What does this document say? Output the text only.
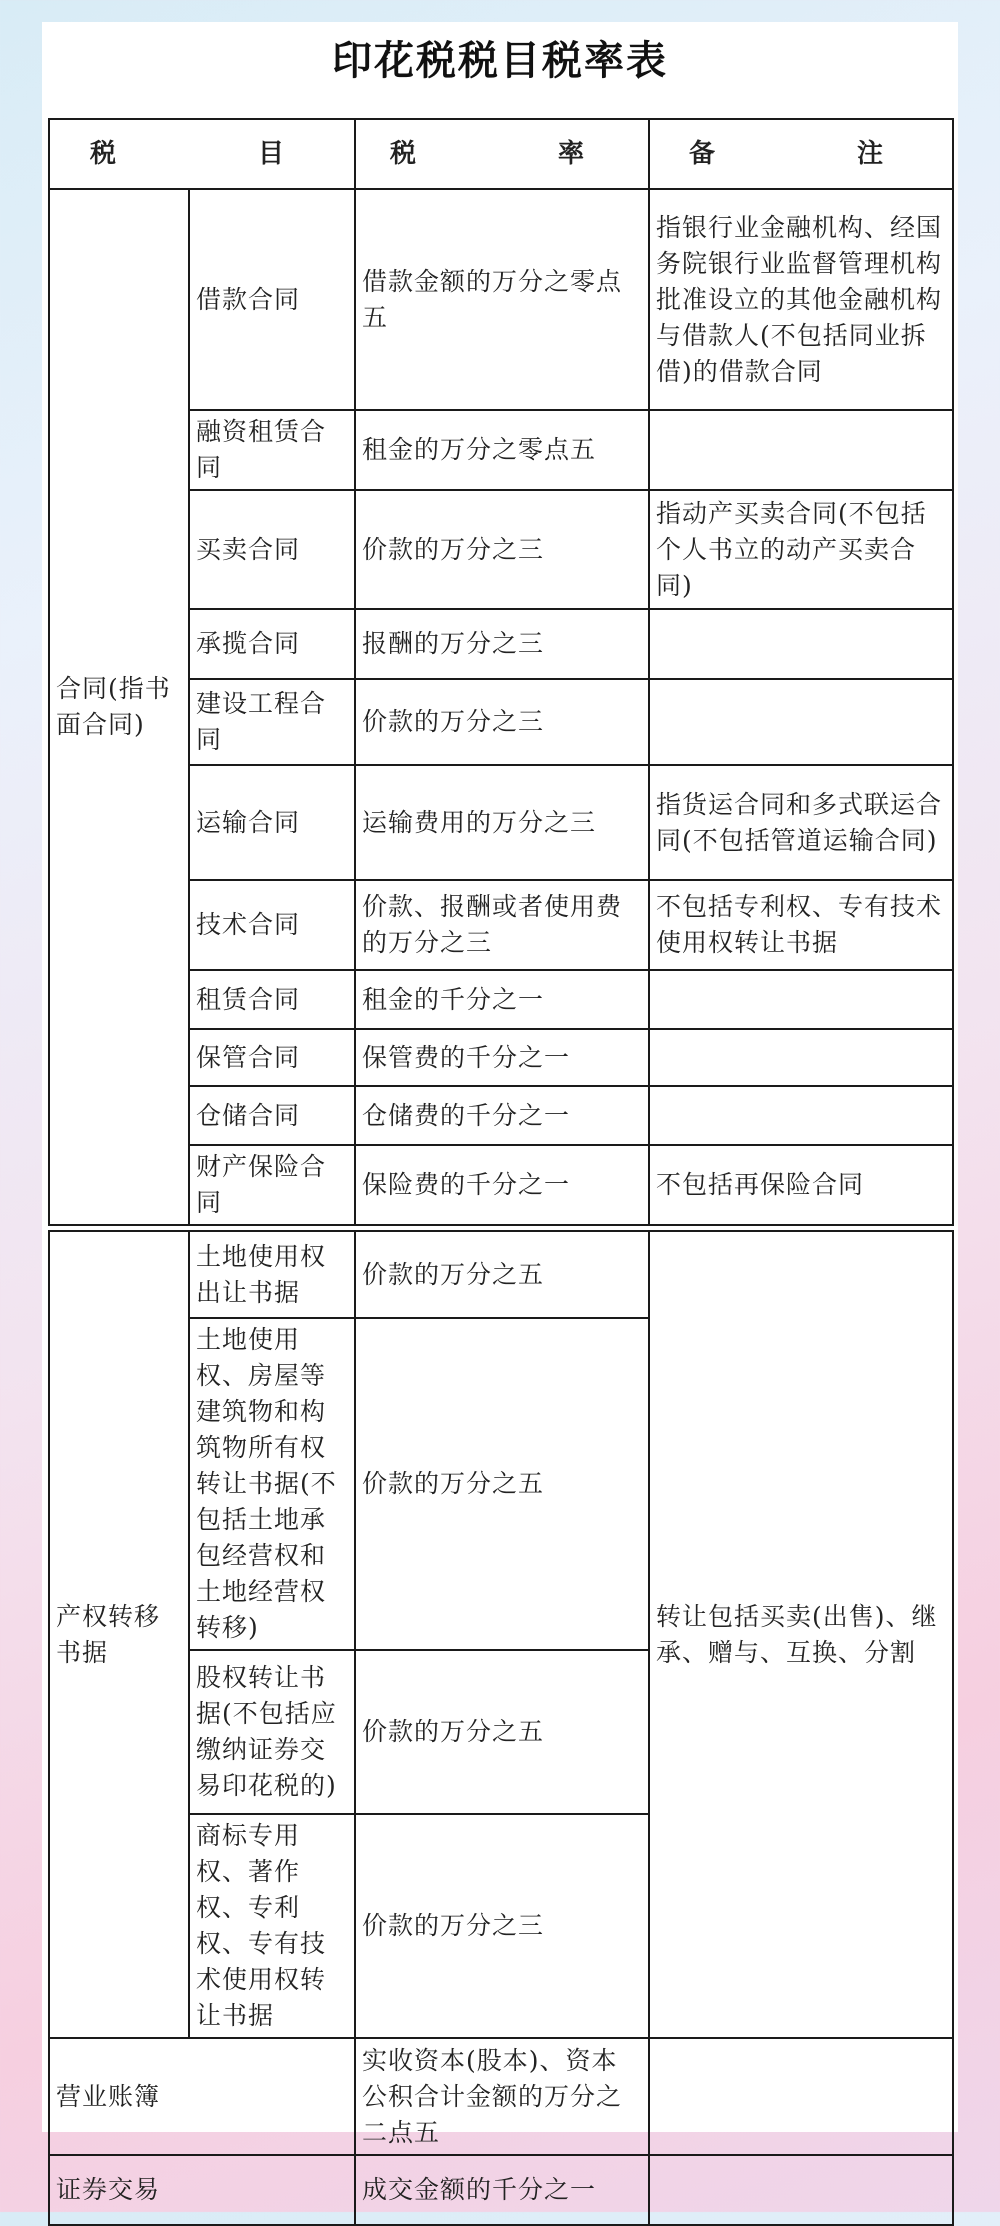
印花税税目税率表
税　　目		税　　率	备　　注
合同(指书面合同)	借款合同	借款金额的万分之零点五	指银行业金融机构、经国务院银行业监督管理机构批准设立的其他金融机构与借款人(不包括同业拆借)的借款合同
	融资租赁合同	租金的万分之零点五	
	买卖合同	价款的万分之三	指动产买卖合同(不包括个人书立的动产买卖合同)
	承揽合同	报酬的万分之三	
	建设工程合同	价款的万分之三	
	运输合同	运输费用的万分之三	指货运合同和多式联运合同(不包括管道运输合同)
	技术合同	价款、报酬或者使用费的万分之三	不包括专利权、专有技术使用权转让书据
	租赁合同	租金的千分之一	
	保管合同	保管费的千分之一	
	仓储合同	仓储费的千分之一	
	财产保险合同	保险费的千分之一	不包括再保险合同

产权转移书据	土地使用权出让书据	价款的万分之五	转让包括买卖(出售)、继承、赠与、互换、分割
	土地使用权、房屋等建筑物和构筑物所有权转让书据(不包括土地承包经营权和土地经营权转移)	价款的万分之五	
	股权转让书据(不包括应缴纳证券交易印花税的)	价款的万分之五	
	商标专用权、著作权、专利权、专有技术使用权转让书据	价款的万分之三	
营业账簿		实收资本(股本)、资本公积合计金额的万分之二点五	
证券交易		成交金额的千分之一	
